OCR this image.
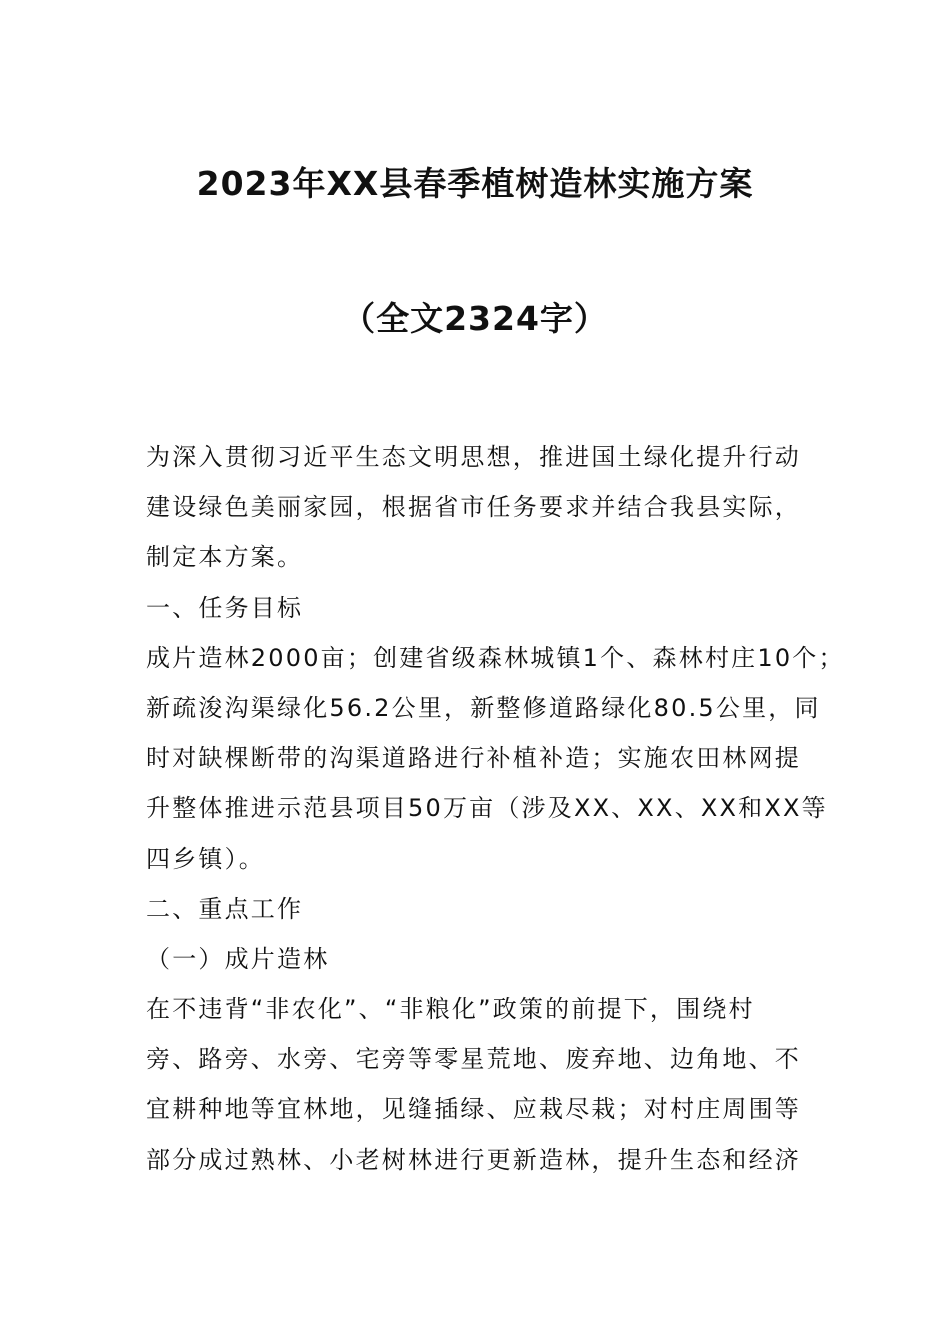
2023年XX县春季植树造林实施方案
（全文2324字）

为深入贯彻习近平生态文明思想，推进国土绿化提升行动

建设绿色美丽家园，根据省市任务要求并结合我县实际，

制定本方案。

一、任务目标

成片造林2000亩；创建省级森林城镇1个、森林村庄10个；

新疏浚沟渠绿化56.2公里，新整修道路绿化80.5公里，同

时对缺棵断带的沟渠道路进行补植补造；实施农田林网提

升整体推进示范县项目50万亩（涉及XX、XX、XX和XX等

四乡镇）。

二、重点工作

（一）成片造林

在不违背“非农化”、“非粮化”政策的前提下，围绕村

旁、路旁、水旁、宅旁等零星荒地、废弃地、边角地、不

宜耕种地等宜林地，见缝插绿、应栽尽栽；对村庄周围等

部分成过熟林、小老树林进行更新造林，提升生态和经济
